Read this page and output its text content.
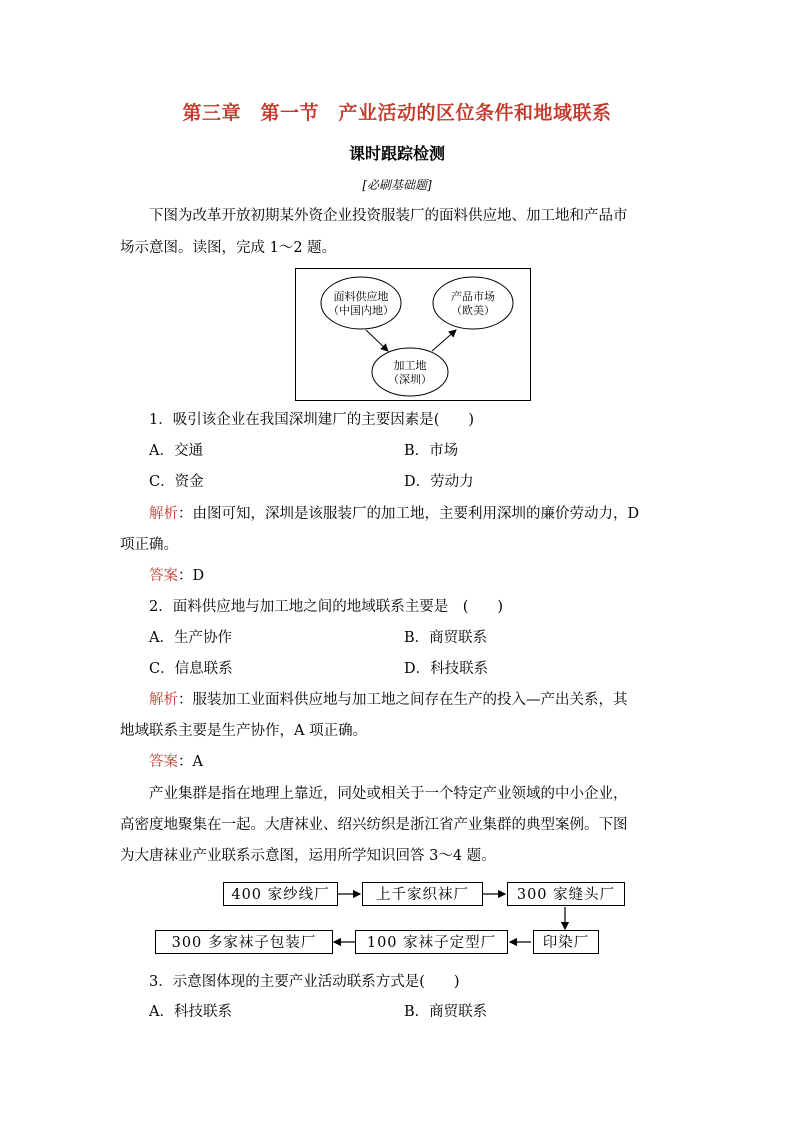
第三章　第一节　产业活动的区位条件和地域联系
课时跟踪检测
[必刷基础题]
下图为改革开放初期某外资企业投资服装厂的面料供应地、加工地和产品市
场示意图。读图，完成 1～2 题。
面料供应地
（中国内地）
产品市场
（欧美）
加工地
（深圳）
1．吸引该企业在我国深圳建厂的主要因素是(　　)
A．交通	B．市场
C．资金	D．劳动力
解析：由图可知，深圳是该服装厂的加工地，主要利用深圳的廉价劳动力，D
项正确。
答案：D
2．面料供应地与加工地之间的地域联系主要是　(　　)
A．生产协作	B．商贸联系
C．信息联系	D．科技联系
解析：服装加工业面料供应地与加工地之间存在生产的投入—产出关系，其
地域联系主要是生产协作，A 项正确。
答案：A
产业集群是指在地理上靠近，同处或相关于一个特定产业领域的中小企业，
高密度地聚集在一起。大唐袜业、绍兴纺织是浙江省产业集群的典型案例。下图
为大唐袜业产业联系示意图，运用所学知识回答 3～4 题。
400 家纱线厂	上千家织袜厂	300 家缝头厂
印染厂
100 家袜子定型厂
300 多家袜子包装厂
3．示意图体现的主要产业活动联系方式是(　　)
A．科技联系	B．商贸联系
